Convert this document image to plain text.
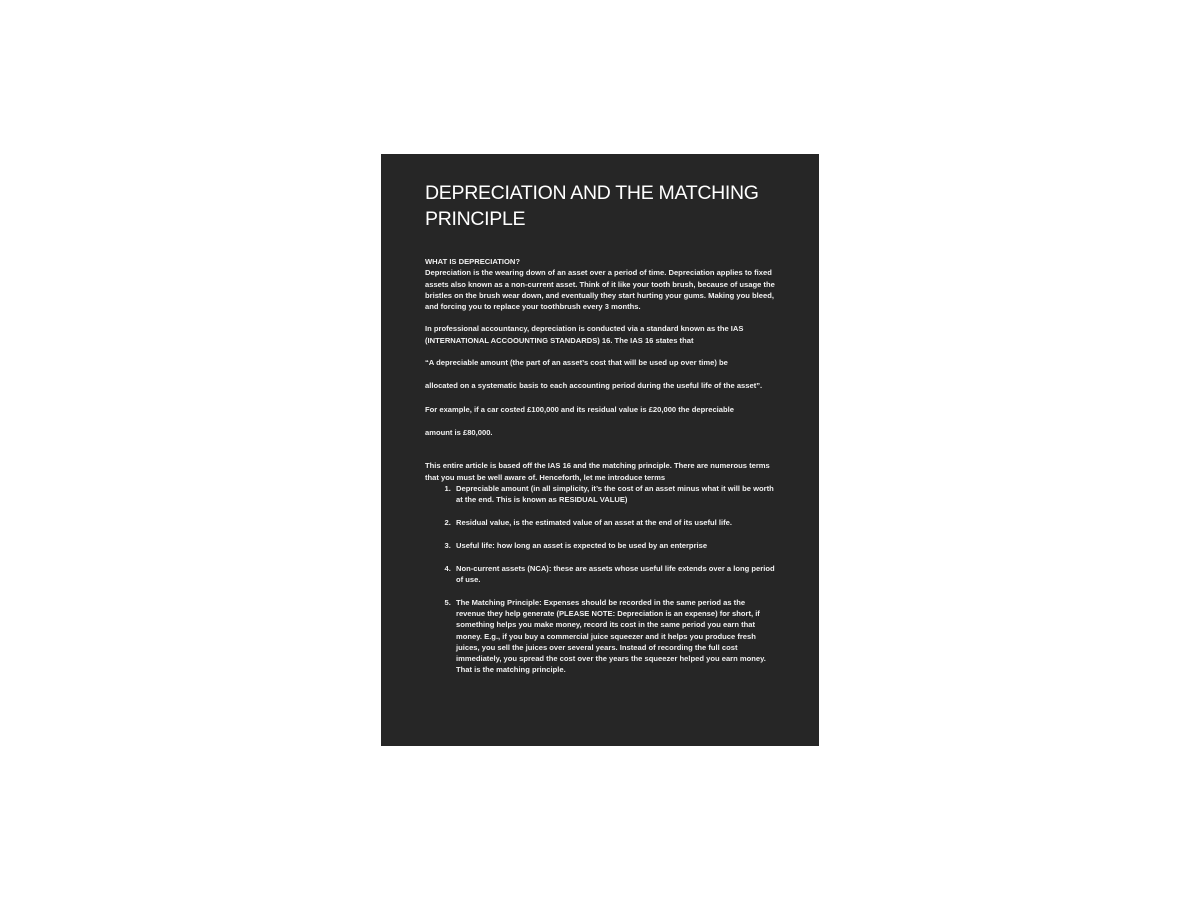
DEPRECIATION AND THE MATCHING PRINCIPLE

WHAT IS DEPRECIATION?

Depreciation is the wearing down of an asset over a period of time. Depreciation applies to fixed assets also known as a non-current asset. Think of it like your tooth brush, because of usage the bristles on the brush wear down, and eventually they start hurting your gums. Making you bleed, and forcing you to replace your toothbrush every 3 months.

In professional accountancy, depreciation is conducted via a standard known as the IAS (INTERNATIONAL ACCOOUNTING STANDARDS) 16. The IAS 16 states that

“A depreciable amount (the part of an asset’s cost that will be used up over time) be

allocated on a systematic basis to each accounting period during the useful life of the asset”.

For example, if a car costed £100,000 and its residual value is £20,000 the depreciable

amount is £80,000.

This entire article is based off the IAS 16 and the matching principle. There are numerous terms that you must be well aware of. Henceforth, let me introduce terms

1. Depreciable amount (in all simplicity, it’s the cost of an asset minus what it will be worth at the end. This is known as RESIDUAL VALUE)
2. Residual value, is the estimated value of an asset at the end of its useful life.
3. Useful life: how long an asset is expected to be used by an enterprise
4. Non-current assets (NCA): these are assets whose useful life extends over a long period of use.
5. The Matching Principle: Expenses should be recorded in the same period as the revenue they help generate (PLEASE NOTE: Depreciation is an expense) for short, if something helps you make money, record its cost in the same period you earn that money. E.g., if you buy a commercial juice squeezer and it helps you produce fresh juices, you sell the juices over several years. Instead of recording the full cost immediately, you spread the cost over the years the squeezer helped you earn money. That is the matching principle.
